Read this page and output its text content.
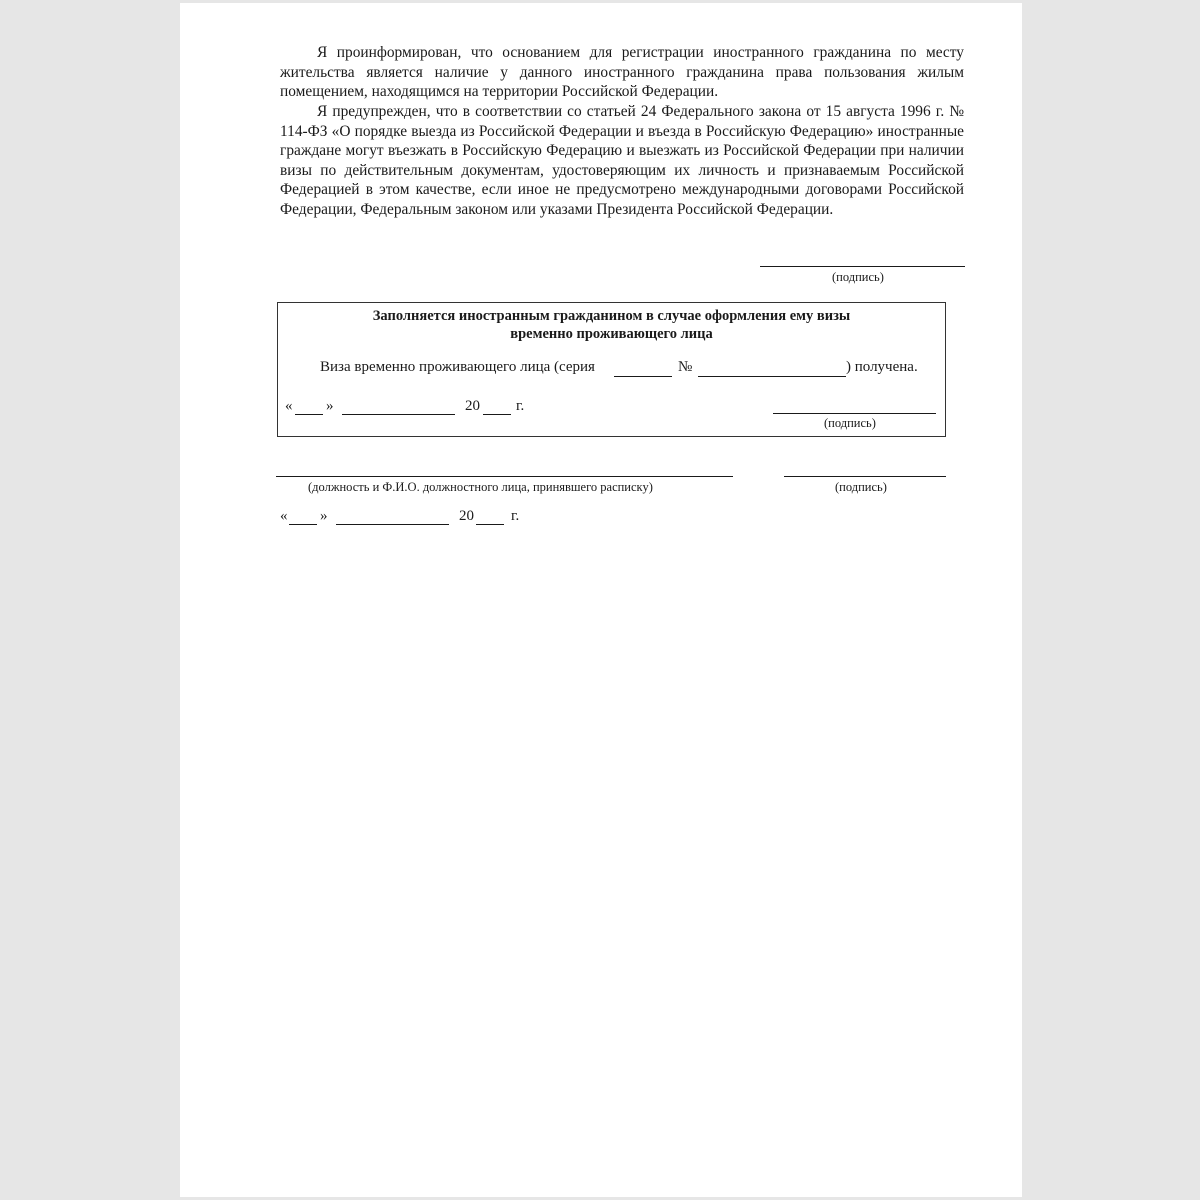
Я проинформирован, что основанием для регистрации иностранного гражданина по месту жительства является наличие у данного иностранного гражданина права пользования жилым помещением, находящимся на территории Российской Федерации.

Я предупрежден, что в соответствии со статьей 24 Федерального закона от 15 августа 1996 г. № 114-ФЗ «О порядке выезда из Российской Федерации и въезда в Российскую Федерацию» иностранные граждане могут въезжать в Российскую Федерацию и выезжать из Российской Федерации при наличии визы по действительным документам, удостоверяющим их личность и признаваемым Российской Федерацией в этом качестве, если иное не предусмотрено международными договорами Российской Федерации, Федеральным законом или указами Президента Российской Федерации.

(подпись)
Заполняется иностранным гражданином в случае оформления ему визы
временно проживающего лица
Виза временно проживающего лица (серия	№	) получена.
« »	20 г.
(подпись)
(должность и Ф.И.О. должностного лица, принявшего расписку)	(подпись)
« »	20 г.
